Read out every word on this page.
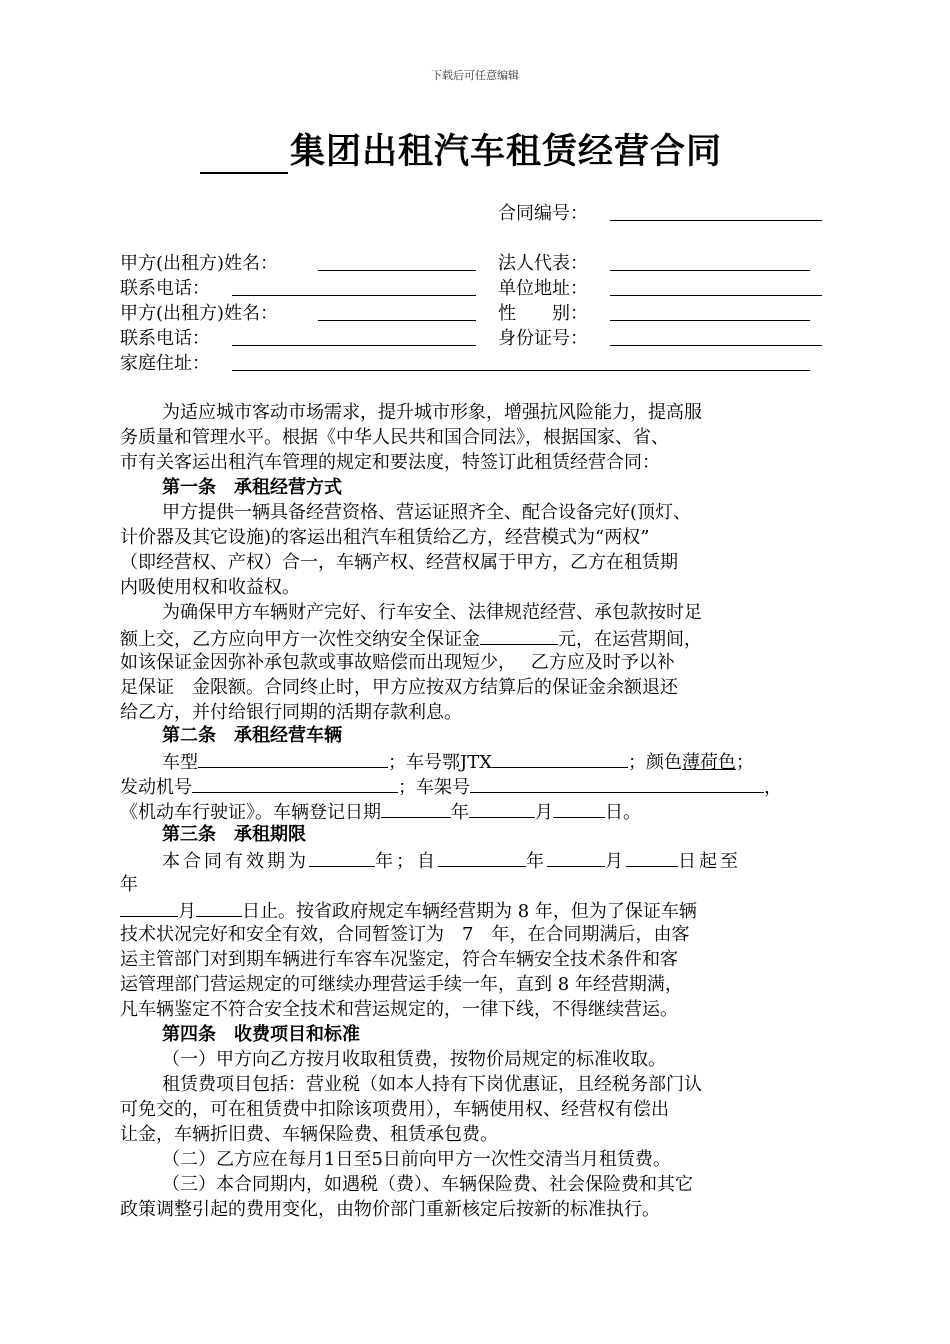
下载后可任意编辑
集团出租汽车租赁经营合同
合同编号：
甲方(出租方)姓名：	法人代表：
联系电话：	单位地址：
甲方(出租方)姓名：	性　　别：
联系电话：	身份证号：
家庭住址：
为适应城市客动市场需求，提升城市形象，增强抗风险能力，提高服
务质量和管理水平。根据《中华人民共和国合同法》，根据国家、省、
市有关客运出租汽车管理的规定和要法度，特签订此租赁经营合同：
第一条　承租经营方式
甲方提供一辆具备经营资格、营运证照齐全、配合设备完好(顶灯、
计价器及其它设施)的客运出租汽车租赁给乙方，经营模式为“两权”
（即经营权、产权）合一，车辆产权、经营权属于甲方，乙方在租赁期
内吸使用权和收益权。
为确保甲方车辆财产完好、行车安全、法律规范经营、承包款按时足
额上交，乙方应向甲方一次性交纳安全保证金	元，在运营期间，
如该保证金因弥补承包款或事故赔偿而出现短少，　 乙方应及时予以补
足保证　金限额。合同终止时，甲方应按双方结算后的保证金余额退还
给乙方，并付给银行同期的活期存款利息。
第二条　承租经营车辆
车型	；车号鄂JTX	；颜色薄荷色；
发动机号	；车架号	，
《机动车行驶证》。车辆登记日期	年	月	日。
第三条　承租期限
本合同有效期为	年；自	年	月	日起至
年
月	日止。按省政府规定车辆经营期为 8 年，但为了保证车辆
技术状况完好和安全有效，合同暂签订为　7　年，在合同期满后，由客
运主管部门对到期车辆进行车容车况鉴定，符合车辆安全技术条件和客
运管理部门营运规定的可继续办理营运手续一年，直到 8 年经营期满，
凡车辆鉴定不符合安全技术和营运规定的，一律下线，不得继续营运。
第四条　收费项目和标准
（一）甲方向乙方按月收取租赁费，按物价局规定的标准收取。
租赁费项目包括：营业税（如本人持有下岗优惠证，且经税务部门认
可免交的，可在租赁费中扣除该项费用），车辆使用权、经营权有偿出
让金，车辆折旧费、车辆保险费、租赁承包费。
（二）乙方应在每月1日至5日前向甲方一次性交清当月租赁费。
（三）本合同期内，如遇税（费）、车辆保险费、社会保险费和其它
政策调整引起的费用变化，由物价部门重新核定后按新的标准执行。
